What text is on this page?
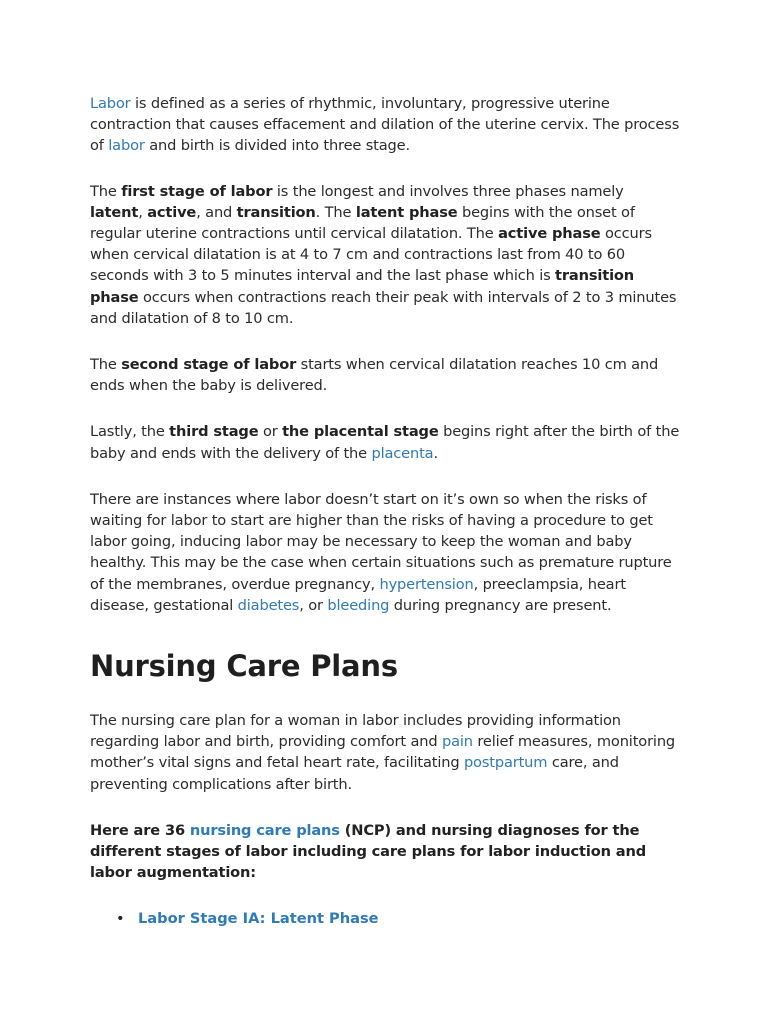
Labor is defined as a series of rhythmic, involuntary, progressive uterine contraction that causes effacement and dilation of the uterine cervix. The process of labor and birth is divided into three stage.

The first stage of labor is the longest and involves three phases namely latent, active, and transition. The latent phase begins with the onset of regular uterine contractions until cervical dilatation. The active phase occurs when cervical dilatation is at 4 to 7 cm and contractions last from 40 to 60 seconds with 3 to 5 minutes interval and the last phase which is transition phase occurs when contractions reach their peak with intervals of 2 to 3 minutes and dilatation of 8 to 10 cm.

The second stage of labor starts when cervical dilatation reaches 10 cm and ends when the baby is delivered.

Lastly, the third stage or the placental stage begins right after the birth of the baby and ends with the delivery of the placenta.

There are instances where labor doesn’t start on it’s own so when the risks of waiting for labor to start are higher than the risks of having a procedure to get labor going, inducing labor may be necessary to keep the woman and baby healthy. This may be the case when certain situations such as premature rupture of the membranes, overdue pregnancy, hypertension, preeclampsia, heart disease, gestational diabetes, or bleeding during pregnancy are present.

Nursing Care Plans

The nursing care plan for a woman in labor includes providing information regarding labor and birth, providing comfort and pain relief measures, monitoring mother’s vital signs and fetal heart rate, facilitating postpartum care, and preventing complications after birth.

Here are 36 nursing care plans (NCP) and nursing diagnoses for the different stages of labor including care plans for labor induction and labor augmentation:

• Labor Stage IA: Latent Phase
